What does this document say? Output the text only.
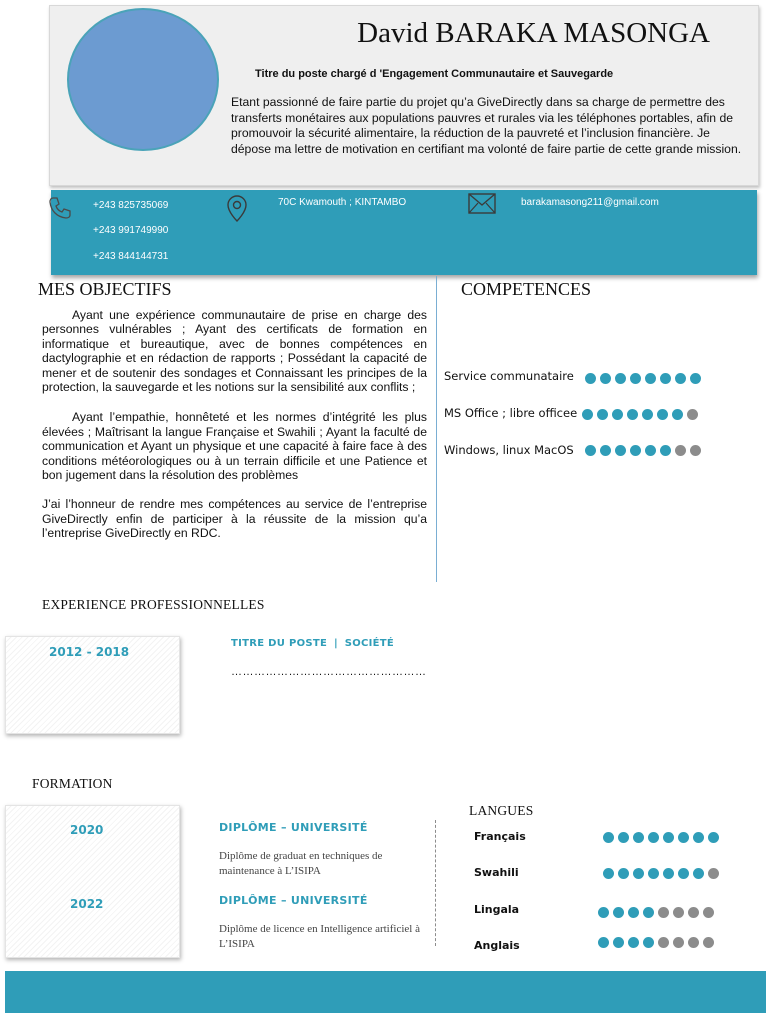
David BARAKA MASONGA
Titre du poste chargé d 'Engagement Communautaire et Sauvegarde
Etant passionné de faire partie du projet qu’a GiveDirectly dans sa charge de permettre des transferts monétaires aux populations pauvres et rurales via les téléphones portables, afin de promouvoir la sécurité alimentaire, la réduction de la pauvreté et l’inclusion financière. Je dépose ma lettre de motivation en certifiant ma volonté de faire partie de cette grande mission.
+243 825735069
+243 991749990
+243 844144731
70C Kwamouth ; KINTAMBO	barakamasong211@gmail.com
MES OBJECTIFS

Ayant une expérience communautaire de prise en charge des personnes vulnérables ; Ayant des certificats de formation en informatique et bureautique, avec de bonnes compétences en dactylographie et en rédaction de rapports ; Possédant la capacité de mener et de soutenir des sondages et Connaissant les principes de la protection, la sauvegarde et les notions sur la sensibilité aux conflits ;

Ayant l’empathie, honnêteté et les normes d’intégrité les plus élevées ; Maîtrisant la langue Française et Swahili ; Ayant la faculté de communication et Ayant un physique et une capacité à faire face à des conditions météorologiques ou à un terrain difficile et une Patience et bon jugement dans la résolution des problèmes

J’ai l’honneur de rendre mes compétences au service de l’entreprise GiveDirectly enfin de participer à la réussite de la mission qu’a l’entreprise GiveDirectly en RDC.

COMPETENCES
Service communataire
MS Office ; libre officee
Windows, linux MacOS
EXPERIENCE PROFESSIONNELLES
2012 - 2018
TITRE DU POSTE | SOCIÉTÉ
……………………………………………
FORMATION
2020
2022
DIPLÔME – UNIVERSITÉ
Diplôme de graduat en techniques de maintenance à L’ISIPA
DIPLÔME – UNIVERSITÉ
Diplôme de licence en Intelligence artificiel à L’ISIPA
LANGUES
Français
Swahili
Lingala
Anglais
